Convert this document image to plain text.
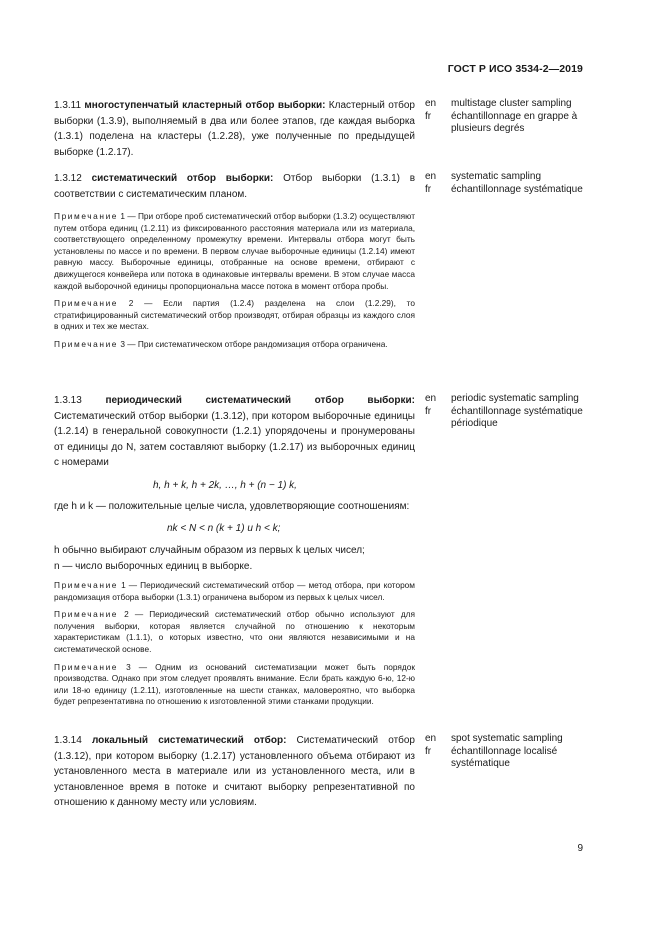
ГОСТ Р ИСО 3534-2—2019
1.3.11 многоступенчатый кластерный отбор выборки: Кластерный отбор выборки (1.3.9), выполняемый в два или более этапов, где каждая выборка (1.3.1) поделена на кластеры (1.2.28), уже полученные по предыдущей выборке (1.2.17).
en	multistage cluster sampling
fr	échantillonnage en grappe à plusieurs degrés
1.3.12 систематический отбор выборки: Отбор выборки (1.3.1) в соответствии с систематическим планом.

Примечание 1 — При отборе проб систематический отбор выборки (1.3.2) осуществляют путем отбора единиц (1.2.11) из фиксированного расстояния материала или из материала, соответствующего определенному промежутку времени. Интервалы отбора могут быть установлены по массе и по времени. В первом случае выборочные единицы (1.2.14) имеют равную массу. Выборочные единицы, отобранные на основе времени, отбирают с движущегося конвейера или потока в одинаковые интервалы времени. В этом случае масса каждой выборочной единицы пропорциональна массе потока в момент отбора пробы.

Примечание 2 — Если партия (1.2.4) разделена на слои (1.2.29), то стратифицированный систематический отбор производят, отбирая образцы из каждого слоя в одних и тех же местах.

Примечание 3 — При систематическом отборе рандомизация отбора ограничена.

en	systematic sampling
fr	échantillonnage systématique
1.3.13 периодический систематический отбор выборки: Систематический отбор выборки (1.3.12), при котором выборочные единицы (1.2.14) в генеральной совокупности (1.2.1) упорядочены и пронумерованы от единицы до N, затем составляют выборку (1.2.17) из выборочных единиц с номерами
h, h + k, h + 2k, …, h + (n − 1) k,

где h и k — положительные целые числа, удовлетворяющие соотношениям:

nk < N < n (k + 1) и h < k;

h обычно выбирают случайным образом из первых k целых чисел;

n — число выборочных единиц в выборке.

Примечание 1 — Периодический систематический отбор — метод отбора, при котором рандомизация отбора выборки (1.3.1) ограничена выбором из первых k целых чисел.

Примечание 2 — Периодический систематический отбор обычно используют для получения выборки, которая является случайной по отношению к некоторым характеристикам (1.1.1), о которых известно, что они являются независимыми и на систематической основе.

Примечание 3 — Одним из оснований систематизации может быть порядок производства. Однако при этом следует проявлять внимание. Если брать каждую 6-ю, 12-ю или 18-ю единицу (1.2.11), изготовленные на шести станках, маловероятно, что выборка будет репрезентативна по отношению к изготовленной этими станками продукции.

en	periodic systematic sampling
fr	échantillonnage systématique périodique
1.3.14 локальный систематический отбор: Систематический отбор (1.3.12), при котором выборку (1.2.17) установленного объема отбирают из установленного места в материале или из установленного места, или в установленное время в потоке и считают выборку репрезентативной по отношению к данному месту или условиям.
en	spot systematic sampling
fr	échantillonnage localisé systématique
9
